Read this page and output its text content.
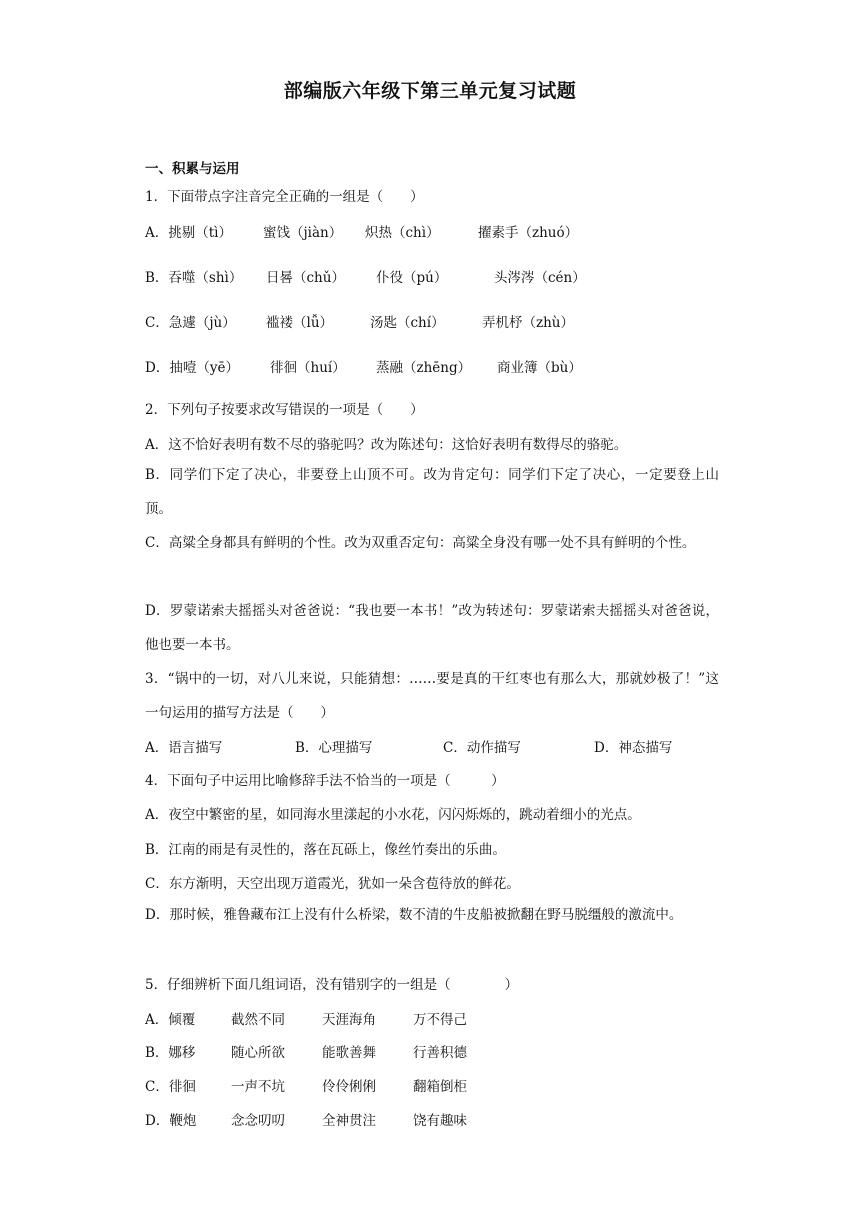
部编版六年级下第三单元复习试题
一、积累与运用
1．下面带点字注音完全正确的一组是（　　）
A．挑剔（tì） 蜜饯（jiàn） 炽热（chì）	擢素手（zhuó）
B．吞噬（shì） 日晷（chǔ） 仆役（pú）	头涔涔（cén）
C．急遽（jù） 褴褛（lǚ）	汤匙（chí）	弄机杼（zhù）
D．抽噎（yē） 徘徊（huí） 蒸融（zhēng） 商业簿（bù）
2．下列句子按要求改写错误的一项是（　　）
A．这不恰好表明有数不尽的骆驼吗？改为陈述句：这恰好表明有数得尽的骆驼。
B．同学们下定了决心，非要登上山顶不可。改为肯定句：同学们下定了决心，一定要登上山顶。
C．高粱全身都具有鲜明的个性。改为双重否定句：高粱全身没有哪一处不具有鲜明的个性。
D．罗蒙诺索夫摇摇头对爸爸说：“我也要一本书！”改为转述句：罗蒙诺索夫摇摇头对爸爸说，他也要一本书。
3．“锅中的一切，对八儿来说，只能猜想：……要是真的干红枣也有那么大，那就妙极了！”这一句运用的描写方法是（　　）
A．语言描写	B．心理描写	C．动作描写	D．神态描写
4．下面句子中运用比喻修辞手法不恰当的一项是（　　　）
A．夜空中繁密的星，如同海水里漾起的小水花，闪闪烁烁的，跳动着细小的光点。
B．江南的雨是有灵性的，落在瓦砾上，像丝竹奏出的乐曲。
C．东方渐明，天空出现万道霞光，犹如一朵含苞待放的鲜花。
D．那时候，雅鲁藏布江上没有什么桥梁，数不清的牛皮船被掀翻在野马脱缰般的激流中。
5．仔细辨析下面几组词语，没有错别字的一组是（　　　　）
A．倾覆	截然不同	天涯海角	万不得己
B．娜移	随心所欲	能歌善舞	行善积德
C．徘徊	一声不坑	伶伶俐俐	翻箱倒柜
D．鞭炮	念念叨叨	全神贯注	饶有趣味
